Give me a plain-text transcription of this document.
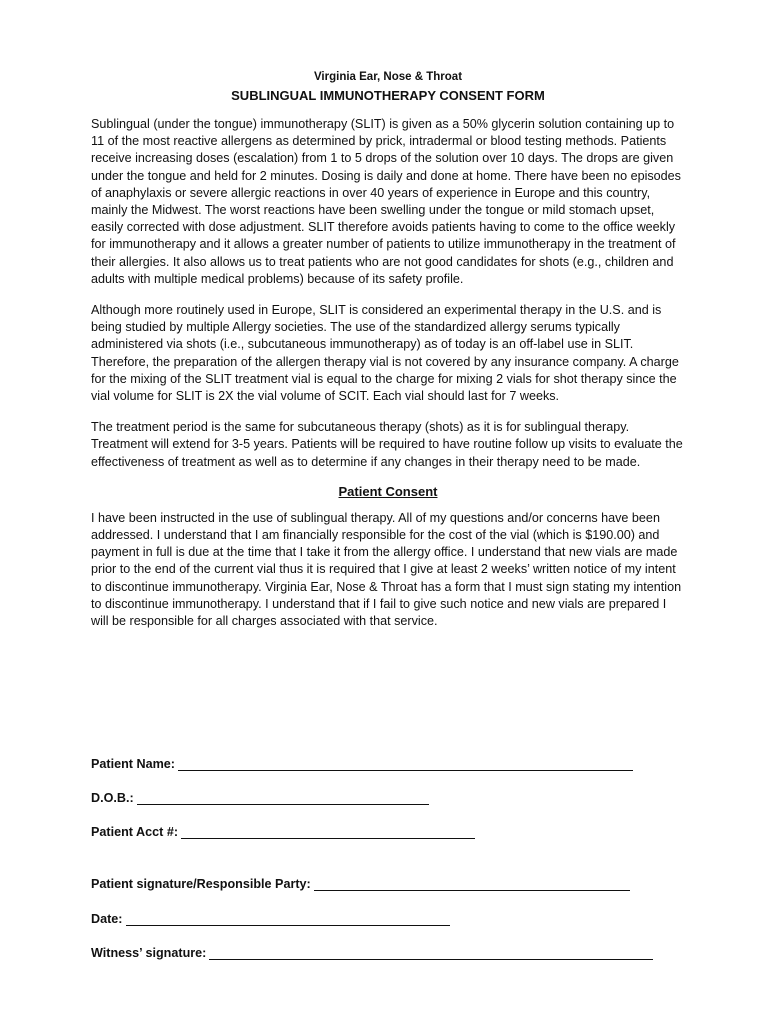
Virginia Ear, Nose & Throat

SUBLINGUAL IMMUNOTHERAPY CONSENT FORM

Sublingual (under the tongue) immunotherapy (SLIT) is given as a 50% glycerin solution containing up to 11 of the most reactive allergens as determined by prick, intradermal or blood testing methods. Patients receive increasing doses (escalation) from 1 to 5 drops of the solution over 10 days. The drops are given under the tongue and held for 2 minutes. Dosing is daily and done at home. There have been no episodes of anaphylaxis or severe allergic reactions in over 40 years of experience in Europe and this country, mainly the Midwest. The worst reactions have been swelling under the tongue or mild stomach upset, easily corrected with dose adjustment. SLIT therefore avoids patients having to come to the office weekly for immunotherapy and it allows a greater number of patients to utilize immunotherapy in the treatment of their allergies. It also allows us to treat patients who are not good candidates for shots (e.g., children and adults with multiple medical problems) because of its safety profile.

Although more routinely used in Europe, SLIT is considered an experimental therapy in the U.S. and is being studied by multiple Allergy societies. The use of the standardized allergy serums typically administered via shots (i.e., subcutaneous immunotherapy) as of today is an off-label use in SLIT. Therefore, the preparation of the allergen therapy vial is not covered by any insurance company. A charge for the mixing of the SLIT treatment vial is equal to the charge for mixing 2 vials for shot therapy since the vial volume for SLIT is 2X the vial volume of SCIT. Each vial should last for 7 weeks.

The treatment period is the same for subcutaneous therapy (shots) as it is for sublingual therapy. Treatment will extend for 3-5 years. Patients will be required to have routine follow up visits to evaluate the effectiveness of treatment as well as to determine if any changes in their therapy need to be made.

Patient Consent

I have been instructed in the use of sublingual therapy. All of my questions and/or concerns have been addressed. I understand that I am financially responsible for the cost of the vial (which is $190.00) and payment in full is due at the time that I take it from the allergy office. I understand that new vials are made prior to the end of the current vial thus it is required that I give at least 2 weeks’ written notice of my intent to discontinue immunotherapy. Virginia Ear, Nose & Throat has a form that I must sign stating my intention to discontinue immunotherapy. I understand that if I fail to give such notice and new vials are prepared I will be responsible for all charges associated with that service.

Patient Name:
D.O.B.:
Patient Acct #:
Patient signature/Responsible Party:
Date:
Witness’ signature:
